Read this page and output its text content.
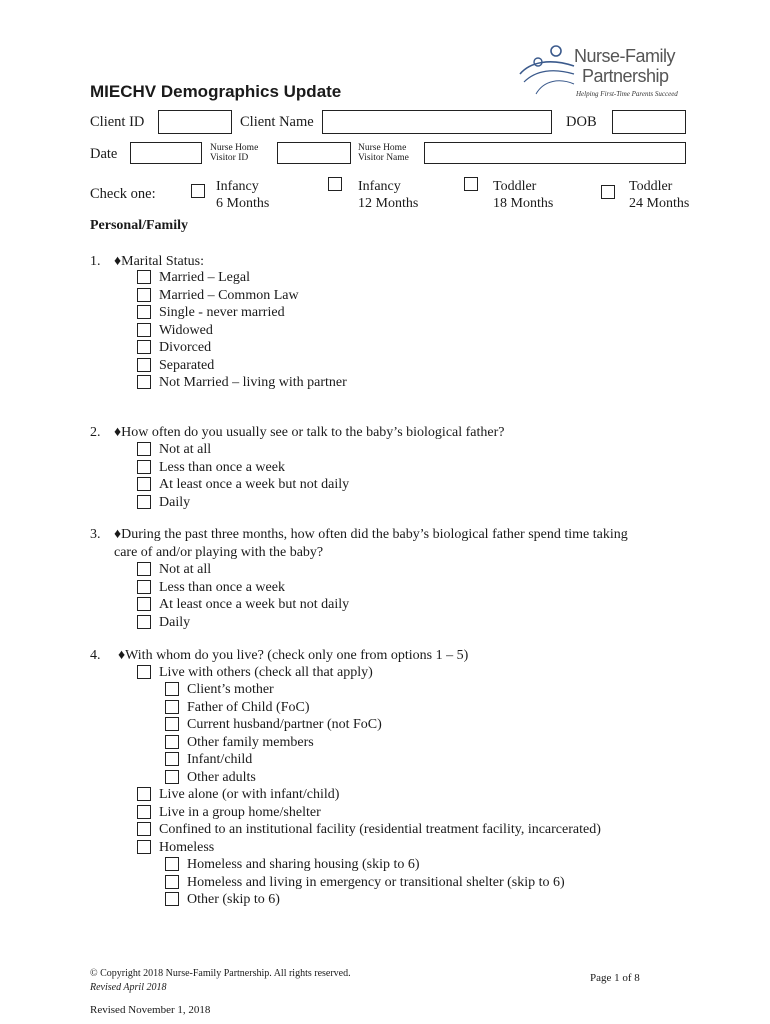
Nurse-Family
Partnership
Helping First-Time Parents Succeed
MIECHV Demographics Update
Client ID	Client Name	DOB
Date	Nurse Home
Visitor ID
Nurse Home
Visitor Name
Check one:	Infancy
6 Months
Infancy
12 Months
Toddler
18 Months
Toddler
24 Months
Personal/Family
1. ♦Marital Status:
Married – Legal
Married – Common Law
Single - never married
Widowed
Divorced
Separated
Not Married – living with partner
2. ♦How often do you usually see or talk to the baby’s biological father?
Not at all
Less than once a week
At least once a week but not daily
Daily
3. ♦During the past three months, how often did the baby’s biological father spend time taking
care of and/or playing with the baby?
Not at all
Less than once a week
At least once a week but not daily
Daily
4. ♦With whom do you live? (check only one from options 1 – 5)
Live with others (check all that apply)
Client’s mother
Father of Child (FoC)
Current husband/partner (not FoC)
Other family members
Infant/child
Other adults
Live alone (or with infant/child)
Live in a group home/shelter
Confined to an institutional facility (residential treatment facility, incarcerated)
Homeless
Homeless and sharing housing (skip to 6)
Homeless and living in emergency or transitional shelter (skip to 6)
Other (skip to 6)
© Copyright 2018 Nurse-Family Partnership. All rights reserved.
Revised April 2018
Page 1 of 8
Revised November 1, 2018
